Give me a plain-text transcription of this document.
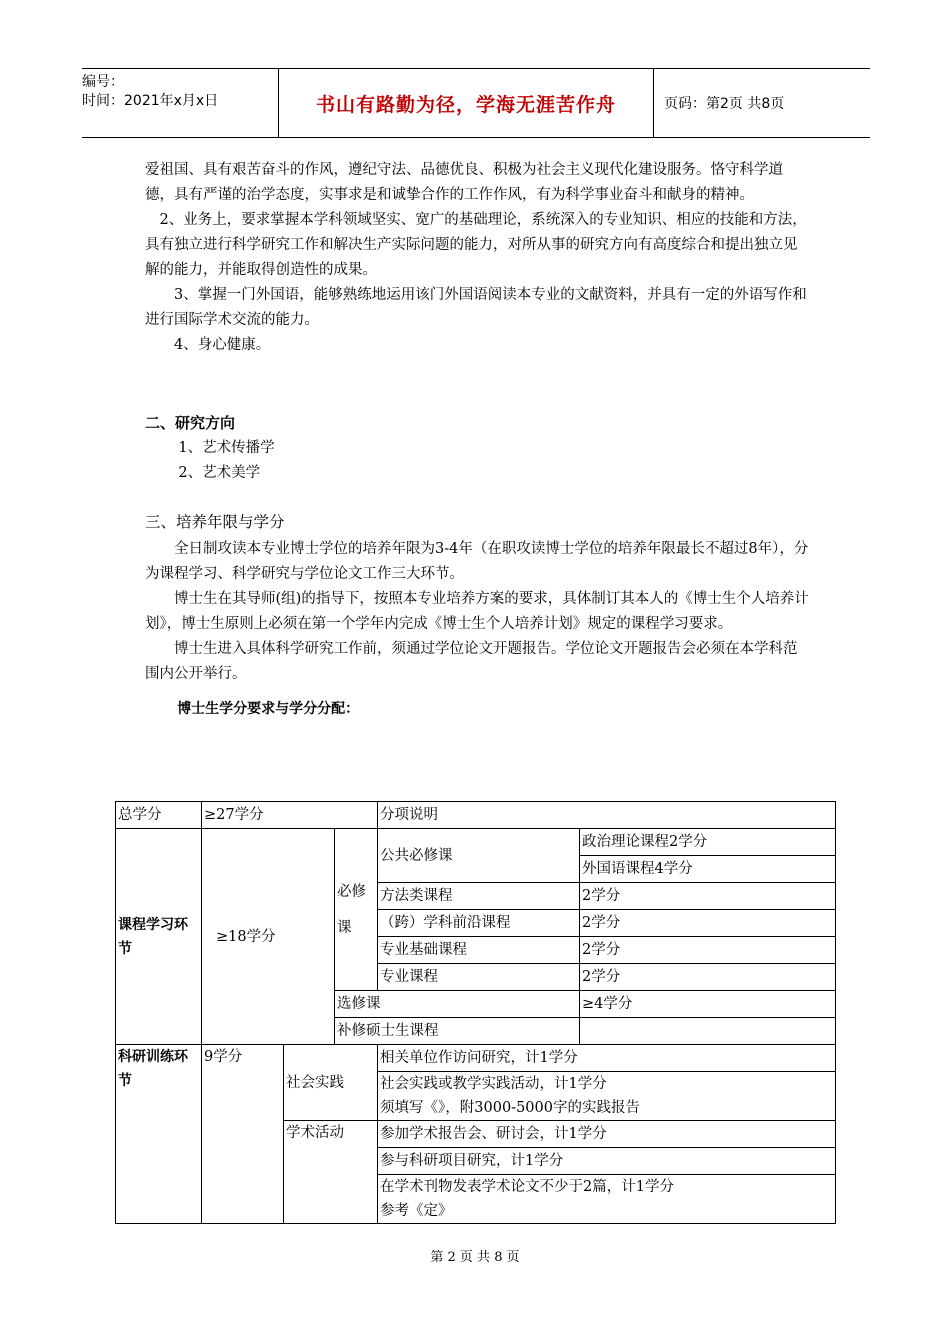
编号：
时间：2021年x月x日	书山有路勤为径，学海无涯苦作舟	页码：第2页 共8页

爱祖国、具有艰苦奋斗的作风，遵纪守法、品德优良、积极为社会主义现代化建设服务。恪守科学道德，具有严谨的治学态度，实事求是和诚挚合作的工作作风，有为科学事业奋斗和献身的精神。

2、业务上，要求掌握本学科领域坚实、宽广的基础理论，系统深入的专业知识、相应的技能和方法，具有独立进行科学研究工作和解决生产实际问题的能力，对所从事的研究方向有高度综合和提出独立见解的能力，并能取得创造性的成果。

3、掌握一门外国语，能够熟练地运用该门外国语阅读本专业的文献资料，并具有一定的外语写作和进行国际学术交流的能力。

4、身心健康。

二、研究方向

1、艺术传播学

2、艺术美学

三、培养年限与学分

全日制攻读本专业博士学位的培养年限为3-4年（在职攻读博士学位的培养年限最长不超过8年），分为课程学习、科学研究与学位论文工作三大环节。

博士生在其导师(组)的指导下，按照本专业培养方案的要求，具体制订其本人的《博士生个人培养计划》，博士生原则上必须在第一个学年内完成《博士生个人培养计划》规定的课程学习要求。

博士生进入具体科学研究工作前，须通过学位论文开题报告。学位论文开题报告会必须在本学科范围内公开举行。

博士生学分要求与学分分配：

总学分	≥27学分			分项说明	
课程学习环节	≥18学分		必修课	公共必修课	政治理论课程2学分
					外国语课程4学分
				方法类课程	2学分
				（跨）学科前沿课程	2学分
				专业基础课程	2学分
				专业课程	2学分
			选修课		≥4学分
			补修硕士生课程		
科研训练环节	9学分	社会实践		相关单位作访问研究，计1学分	

				社会实践或教学实践活动，计1学分
须填写《》，附3000-5000字的实践报告	

		学术活动		参加学术报告会、研讨会，计1学分	
				参与科研项目研究，计1学分	

				在学术刊物发表学术论文不少于2篇，计1学分
参考《定》	
第 2 页 共 8 页
